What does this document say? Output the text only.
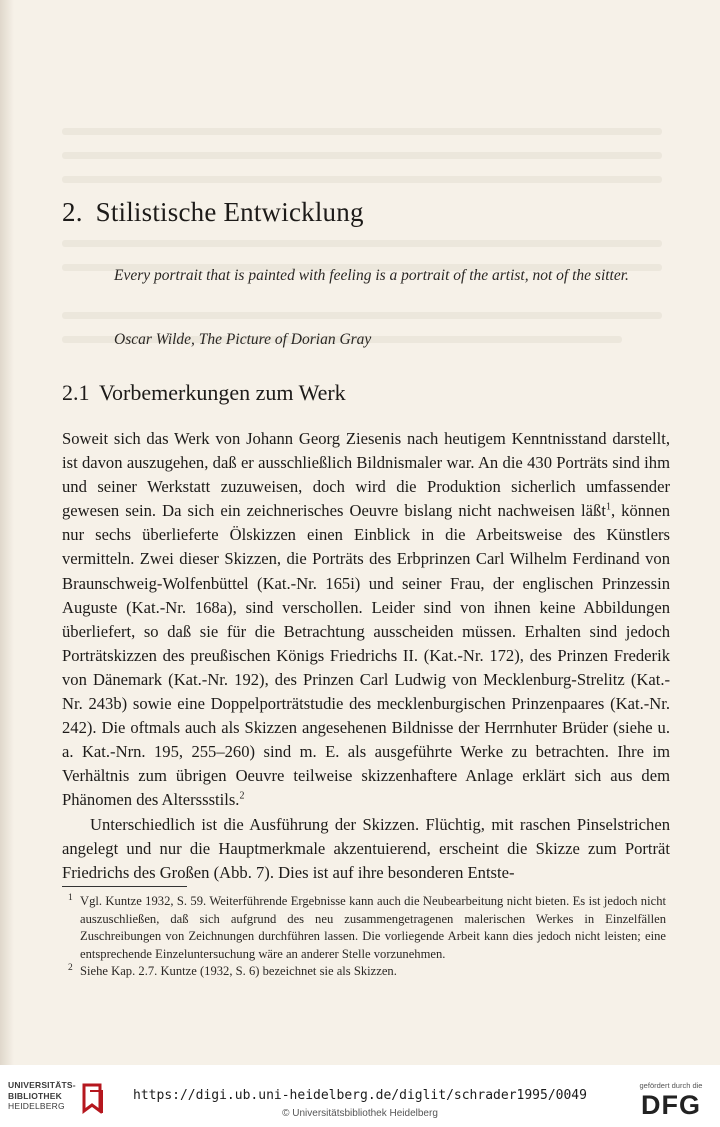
2. Stilistische Entwicklung

Every portrait that is painted with feeling is a portrait of the artist, not of the sitter.

Oscar Wilde, The Picture of Dorian Gray

2.1 Vorbemerkungen zum Werk

Soweit sich das Werk von Johann Georg Ziesenis nach heutigem Kenntnisstand darstellt, ist davon auszugehen, daß er ausschließlich Bildnismaler war. An die 430 Porträts sind ihm und seiner Werkstatt zuzuweisen, doch wird die Produktion sicherlich umfassender gewesen sein. Da sich ein zeichnerisches Oeuvre bislang nicht nachweisen läßt$^1$, können nur sechs überlieferte Ölskizzen einen Einblick in die Arbeitsweise des Künstlers vermitteln. Zwei dieser Skizzen, die Porträts des Erbprinzen Carl Wilhelm Ferdinand von Braunschweig-Wolfenbüttel (Kat.-Nr. 165i) und seiner Frau, der englischen Prinzessin Auguste (Kat.-Nr. 168a), sind verschollen. Leider sind von ihnen keine Abbildungen überliefert, so daß sie für die Betrachtung ausscheiden müssen. Erhalten sind jedoch Porträtskizzen des preußischen Königs Friedrichs II. (Kat.-Nr. 172), des Prinzen Frederik von Dänemark (Kat.-Nr. 192), des Prinzen Carl Ludwig von Mecklenburg-Strelitz (Kat.-Nr. 243b) sowie eine Doppelporträtstudie des mecklenburgischen Prinzenpaares (Kat.-Nr. 242). Die oftmals auch als Skizzen angesehenen Bildnisse der Herrnhuter Brüder (siehe u. a. Kat.-Nrn. 195, 255–260) sind m. E. als ausgeführte Werke zu betrachten. Ihre im Verhältnis zum übrigen Oeuvre teilweise skizzenhaftere Anlage erklärt sich aus dem Phänomen des Alterssstils.$^2$

Unterschiedlich ist die Ausführung der Skizzen. Flüchtig, mit raschen Pinselstrichen angelegt und nur die Hauptmerkmale akzentuierend, erscheint die Skizze zum Porträt Friedrichs des Großen (Abb. 7). Dies ist auf ihre besonderen Entste-

1 Vgl. Kuntze 1932, S. 59. Weiterführende Ergebnisse kann auch die Neubearbeitung nicht bieten. Es ist jedoch nicht auszuschließen, daß sich aufgrund des neu zusammengetragenen malerischen Werkes in Einzelfällen Zuschreibungen von Zeichnungen durchführen lassen. Die vorliegende Arbeit kann dies jedoch nicht leisten; eine entsprechende Einzeluntersuchung wäre an anderer Stelle vorzunehmen.

2 Siehe Kap. 2.7. Kuntze (1932, S. 6) bezeichnet sie als Skizzen.

UNIVERSITÄTS-
BIBLIOTHEK
HEIDELBERG
https://digi.ub.uni-heidelberg.de/diglit/schrader1995/0049
© Universitätsbibliothek Heidelberg
gefördert durch die
DFG
